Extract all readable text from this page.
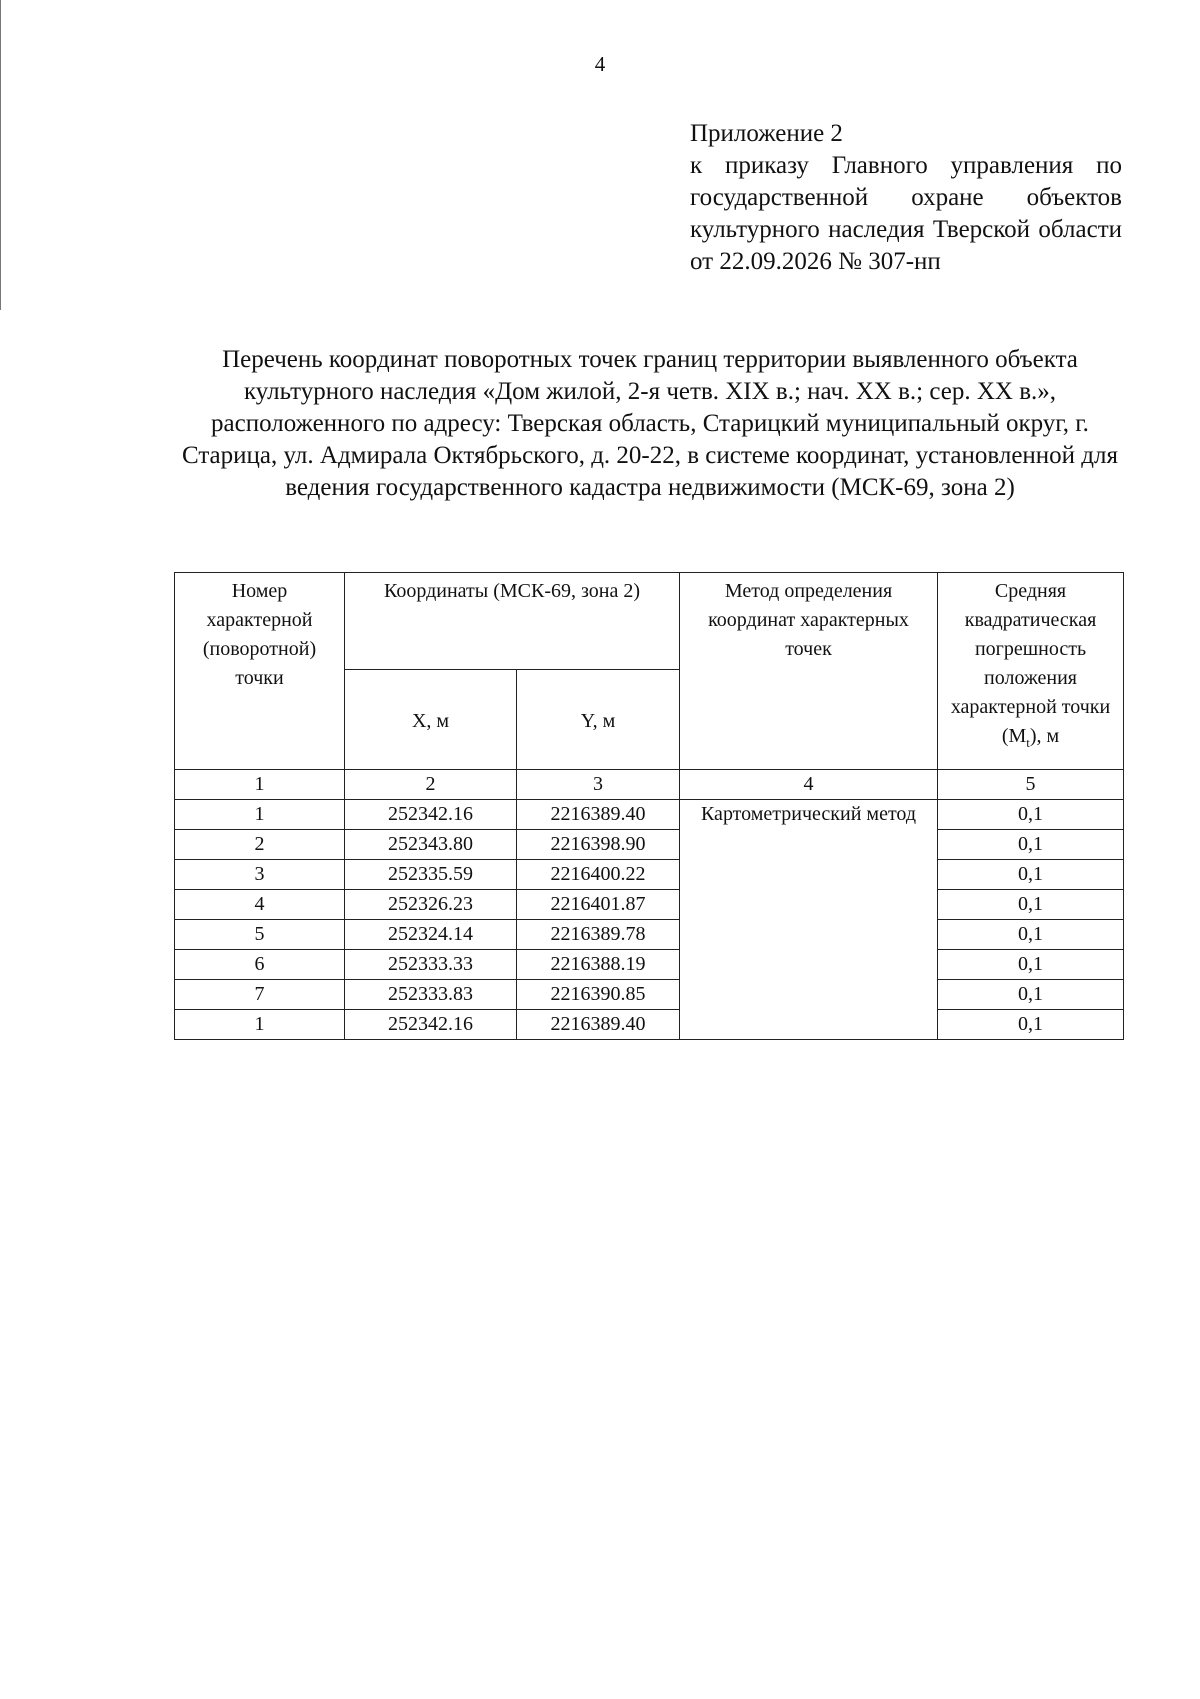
4
Приложение 2
к приказу Главного управления по государственной охране объектов культурного наследия Тверской области от 22.09.2026 № 307-нп
Перечень координат поворотных точек границ территории выявленного объекта культурного наследия «Дом жилой, 2-я четв. XIX в.; нач. XX в.; сер. XX в.», расположенного по адресу: Тверская область, Старицкий муниципальный округ, г. Старица, ул. Адмирала Октябрьского, д. 20-22, в системе координат, установленной для ведения государственного кадастра недвижимости (МСК-69, зона 2)
Номер характерной (поворотной) точки	Координаты (МСК-69, зона 2)		Метод определения координат характерных точек	Средняя квадратическая погрешность положения характерной точки $(M_t)$, м
	X, м	Y, м		
1	2	3	4	5
1	252342.16	2216389.40	Картометрический метод	0,1
2	252343.80	2216398.90		0,1
3	252335.59	2216400.22		0,1
4	252326.23	2216401.87		0,1
5	252324.14	2216389.78		0,1
6	252333.33	2216388.19		0,1
7	252333.83	2216390.85		0,1
1	252342.16	2216389.40		0,1
